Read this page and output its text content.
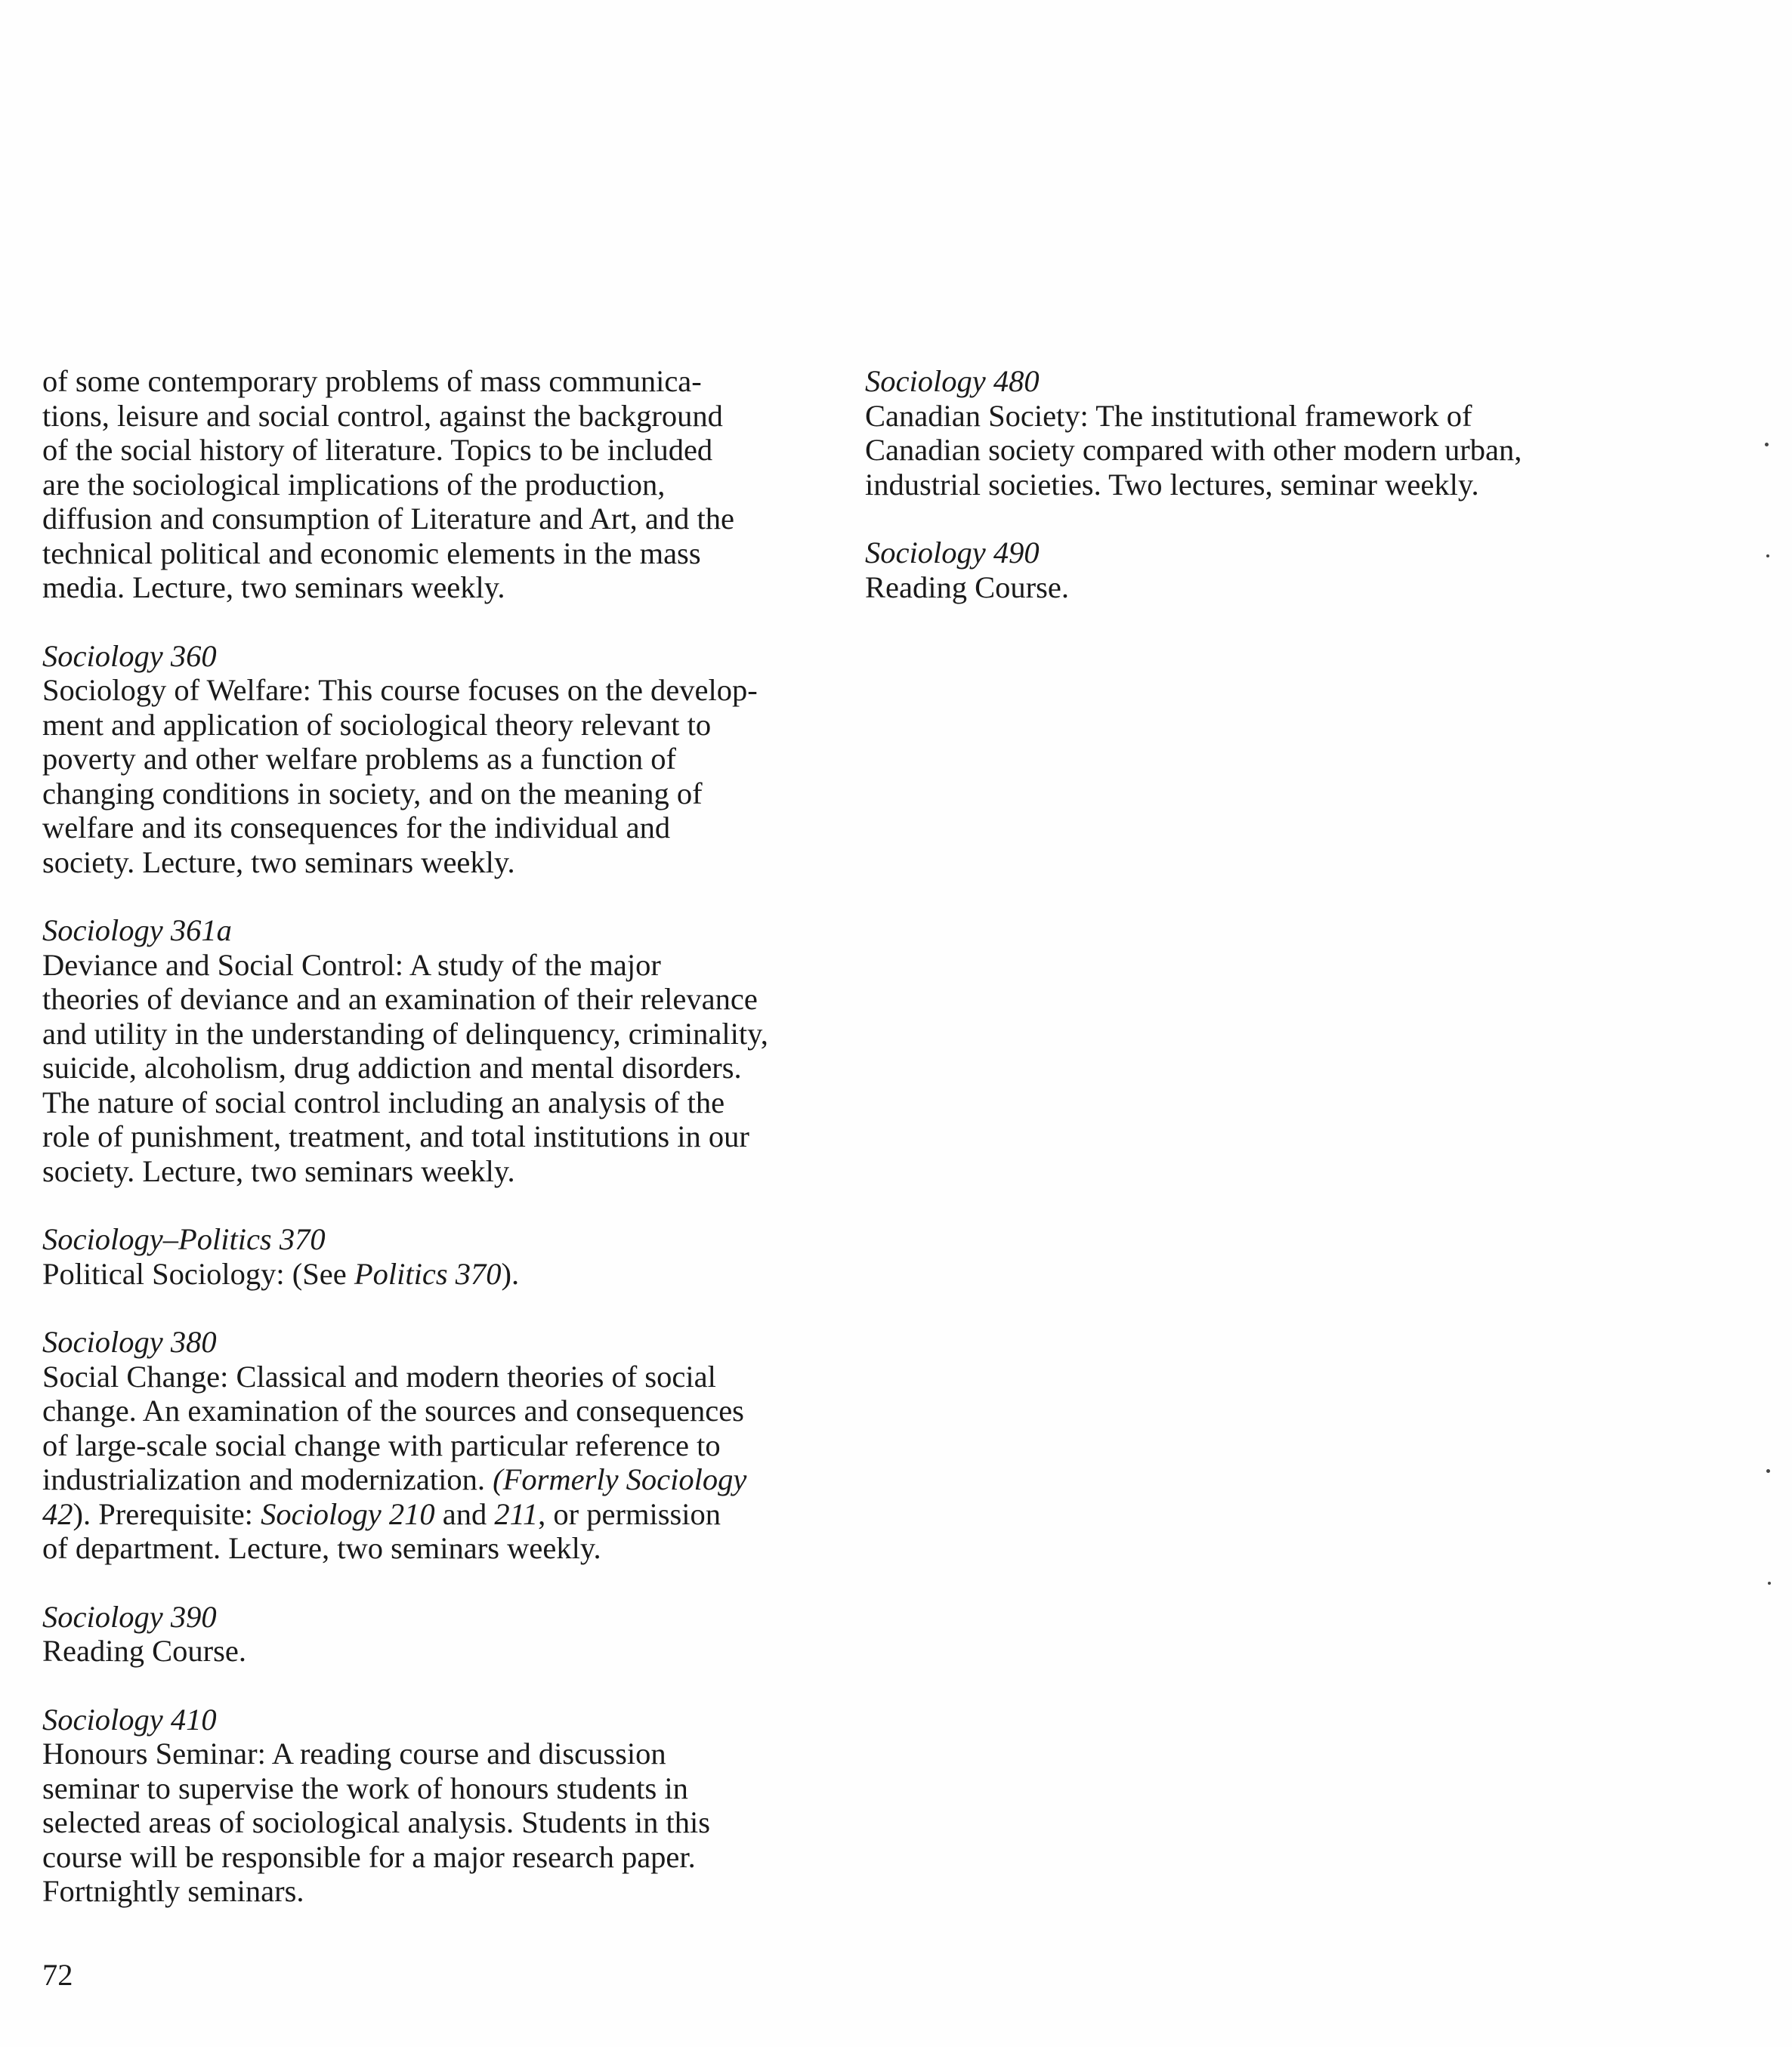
of some contemporary problems of mass communica-
tions, leisure and social control, against the background
of the social history of literature. Topics to be included
are the sociological implications of the production,
diffusion and consumption of Literature and Art, and the
technical political and economic elements in the mass
media. Lecture, two seminars weekly.
Sociology 360
Sociology of Welfare: This course focuses on the develop-
ment and application of sociological theory relevant to
poverty and other welfare problems as a function of
changing conditions in society, and on the meaning of
welfare and its consequences for the individual and
society. Lecture, two seminars weekly.
Sociology 361a
Deviance and Social Control: A study of the major
theories of deviance and an examination of their relevance
and utility in the understanding of delinquency, criminality,
suicide, alcoholism, drug addiction and mental disorders.
The nature of social control including an analysis of the
role of punishment, treatment, and total institutions in our
society. Lecture, two seminars weekly.
Sociology–Politics 370
Political Sociology: (See Politics 370).
Sociology 380
Social Change: Classical and modern theories of social
change. An examination of the sources and consequences
of large-scale social change with particular reference to
industrialization and modernization. (Formerly Sociology
42). Prerequisite: Sociology 210 and 211, or permission
of department. Lecture, two seminars weekly.
Sociology 390
Reading Course.
Sociology 410
Honours Seminar: A reading course and discussion
seminar to supervise the work of honours students in
selected areas of sociological analysis. Students in this
course will be responsible for a major research paper.
Fortnightly seminars.
Sociology 480
Canadian Society: The institutional framework of
Canadian society compared with other modern urban,
industrial societies. Two lectures, seminar weekly.
Sociology 490
Reading Course.
72
